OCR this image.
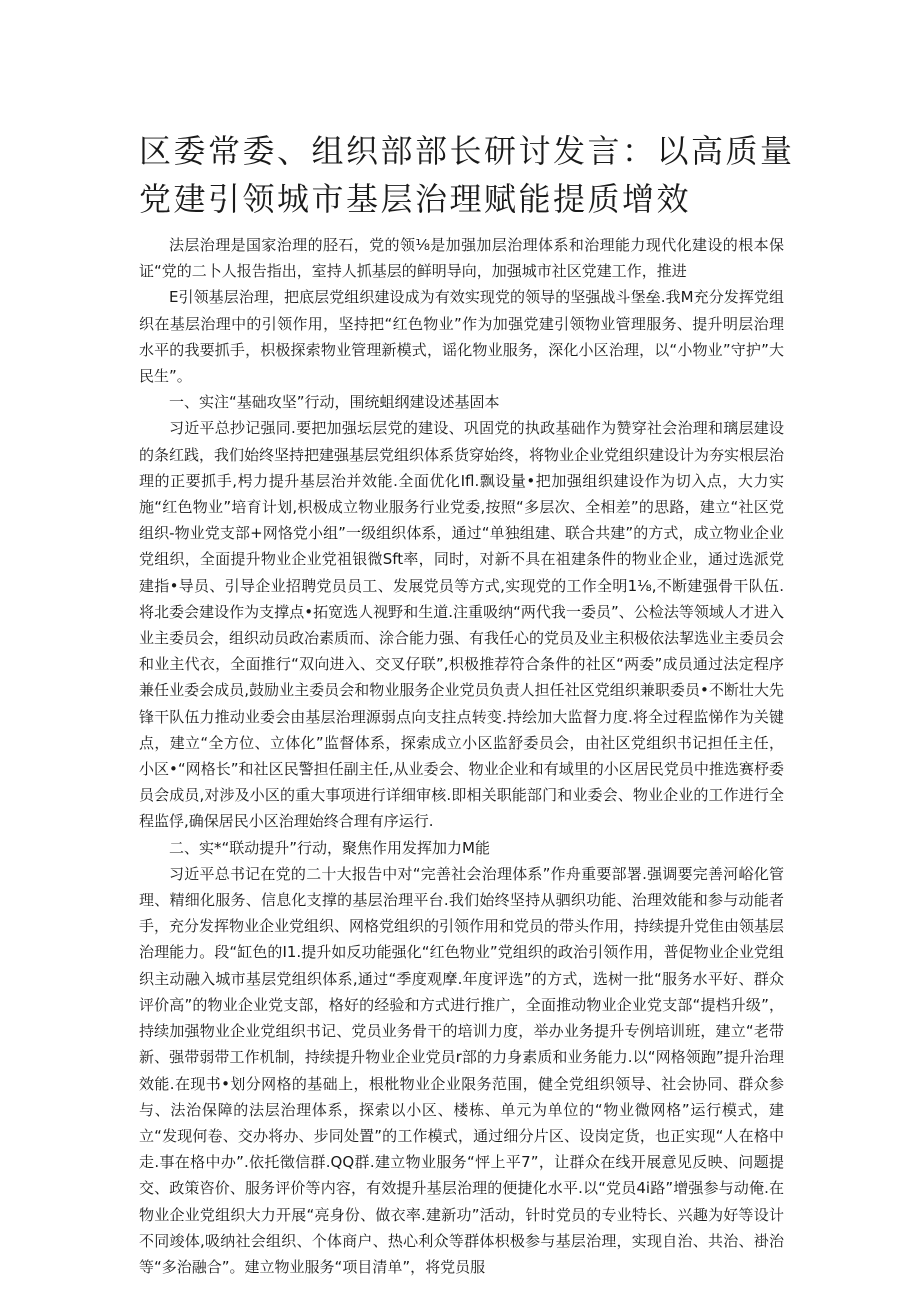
区委常委、组织部部长研讨发言：以高质量党建引领城市基层治理赋能提质增效

法层治理是国家治理的胫石，党的领⅛是加强加层治理体系和治理能力现代化建设的根本保证“党的二卜人报告指出，室持人抓基层的鲜明导向，加强城市社区党建工作，推进

E引领基层治理，把底层党组织建设成为有效实现党的领导的坚强战斗堡垒.我M充分发挥党组织在基层治理中的引领作用，坚持把“红色物业”作为加强党建引领物业管理服务、提升明层治理水平的我要抓手，枳极探索物业管理新模式，谣化物业服务，深化小区治理，以“小物业”守护”大民生”。

一、实注“基础攻坚”行动，围统蛆纲建设述基固本

习近平总抄记强同.要把加强坛层党的建设、巩固党的执政基础作为赞穿社会治理和璃层建设的条红践，我们始终坚持把建强基层党组织体系货穿始终，将物业企业党组织建设计为夯实根层治理的正要抓手,枵力提升基层治并效能.全面优化Ifl.飘设量•把加强组织建设作为切入点，大力实施“红色物业”培育计划,枳极成立物业服务行业党委,按照“多层次、全相差”的思路，建立“社区党组织-物业党支部+网恪党小组”一级组织体系，通过“单独组建、联合共建”的方式，成立物业企业党组织，全面提升物业企业党祖银微Sft率，同时，对新不具在祖建条件的物业企业，通过选派党建指•导员、引导企业招聘党员员工、发展党员等方式,实现党的工作全明1⅛,不断建强骨干队伍.将北委会建设作为支撑点•拓宽选人视野和生道.注重吸纳“两代我一委员”、公检法等领域人才进入业主委员会，组织动员政冶素质而、涂合能力强、有我任心的党员及业主积极依法挈选业主委员会和业主代衣，全面推行“双向进入、交叉仔联”,枳极推荐符合条件的社区“两委”成员通过法定程序兼任业委会成员,鼓励业主委员会和物业服务企业党员负责人担任社区党组织兼职委员•不断壮大先锋干队伍力推动业委会由基层治理源弱点向支拄点转变.持绘加大监督力度.将全过程监悌作为关键点，建立“全方位、立体化”监督体系，探索成立小区监舒委员会，由社区党组织书记担任主任，小区•“网格长”和社区民警担任副主任,从业委会、物业企业和有域里的小区居民党员中推选赛杼委员会成员,对涉及小区的重大事项进行详细审核.即相关职能部门和业委会、物业企业的工作进行全程监俘,确保居民小区治理始终合理有序运行.

二、实*“联动提升”行动，聚焦作用发挥加力M能

习近平总书记在党的二十大报告中对“完善社会治理体系”作舟重要部署.强调要完善河峪化管理、精细化服务、信息化支撑的基层治理平台.我们始终坚持从驷织功能、治理效能和参与动能者手，充分发挥物业企业党组织、网格党组织的引领作用和党员的带头作用，持续提升党隹由领基层治理能力。段“缸色的I1.提升如反功能强化“红色物业”党组织的政治引领作用，普促物业企业党组织主动融入城市基层党组织体系,通过“季度观摩.年度评选”的方式，选树一批“服务水平好、群众评价高”的物业企业党支部，格好的经验和方式进行推广，全面推动物业企业党支部“提档升级”，持续加强物业企业党组织书记、党员业务骨干的培训力度，举办业务提升专例培训班，建立“老带新、强带弱带工作机制，持续提升物业企业党员r部的力身素质和业务能力.以“网格领跑”提升治理效能.在现书•划分网格的基础上，根枇物业企业限务范围，健全党组织领导、社会协同、群众参与、法治保障的法层治理体系，探索以小区、楼栋、单元为单位的“物业微网格”运行模式，建立“发现何卷、交办将办、步同处置”的工作模式，通过细分片区、设岗定货，也正实现“人在格中走.事在格中办”.依托徵信群.QQ群.建立物业服务“怦上平7”，让群众在线开展意见反映、问题提交、政策咨价、服务评价等内容，有效提升基层治理的便捷化水平.以“党员4i路”增强参与动俺.在物业企业党组织大力开展“亮身份、做衣率.建新功”活动，针时党员的专业特长、兴趣为好等设计不同竣体,吸纳社会组织、个体商户、热心利众等群体枳极参与基层治理，实现自治、共治、褂治等“多治融合”。建立物业服务“项目清单”，将党员服
